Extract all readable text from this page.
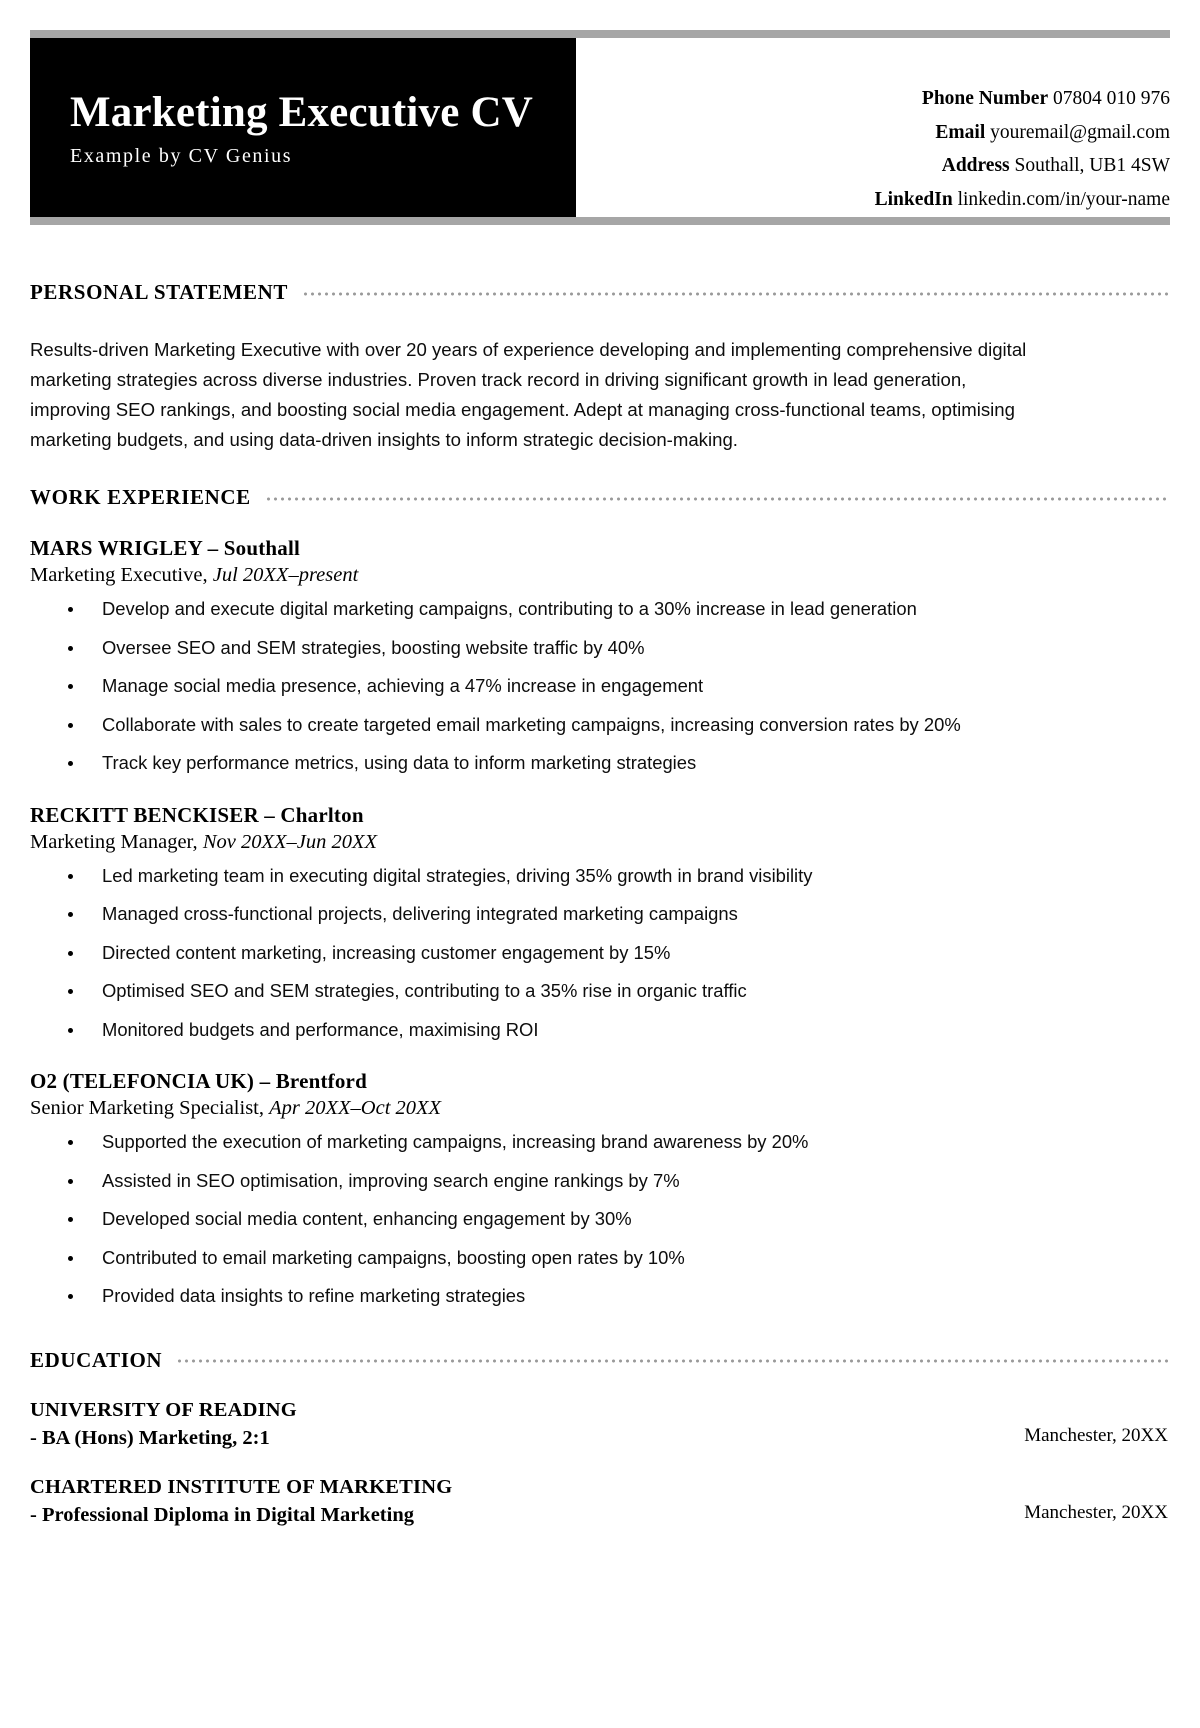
Marketing Executive CV
Example by CV Genius
Phone Number 07804 010 976
Email youremail@gmail.com
Address Southall, UB1 4SW
LinkedIn linkedin.com/in/your-name
PERSONAL STATEMENT
Results-driven Marketing Executive with over 20 years of experience developing and implementing comprehensive digital marketing strategies across diverse industries. Proven track record in driving significant growth in lead generation, improving SEO rankings, and boosting social media engagement. Adept at managing cross-functional teams, optimising marketing budgets, and using data-driven insights to inform strategic decision-making.
WORK EXPERIENCE
MARS WRIGLEY – Southall
Marketing Executive, Jul 20XX–present
Develop and execute digital marketing campaigns, contributing to a 30% increase in lead generation
Oversee SEO and SEM strategies, boosting website traffic by 40%
Manage social media presence, achieving a 47% increase in engagement
Collaborate with sales to create targeted email marketing campaigns, increasing conversion rates by 20%
Track key performance metrics, using data to inform marketing strategies
RECKITT BENCKISER – Charlton
Marketing Manager, Nov 20XX–Jun 20XX
Led marketing team in executing digital strategies, driving 35% growth in brand visibility
Managed cross-functional projects, delivering integrated marketing campaigns
Directed content marketing, increasing customer engagement by 15%
Optimised SEO and SEM strategies, contributing to a 35% rise in organic traffic
Monitored budgets and performance, maximising ROI
O2 (TELEFONCIA UK) – Brentford
Senior Marketing Specialist, Apr 20XX–Oct 20XX
Supported the execution of marketing campaigns, increasing brand awareness by 20%
Assisted in SEO optimisation, improving search engine rankings by 7%
Developed social media content, enhancing engagement by 30%
Contributed to email marketing campaigns, boosting open rates by 10%
Provided data insights to refine marketing strategies
EDUCATION
UNIVERSITY OF READING
- BA (Hons) Marketing, 2:1	Manchester, 20XX
CHARTERED INSTITUTE OF MARKETING
- Professional Diploma in Digital Marketing	Manchester, 20XX
